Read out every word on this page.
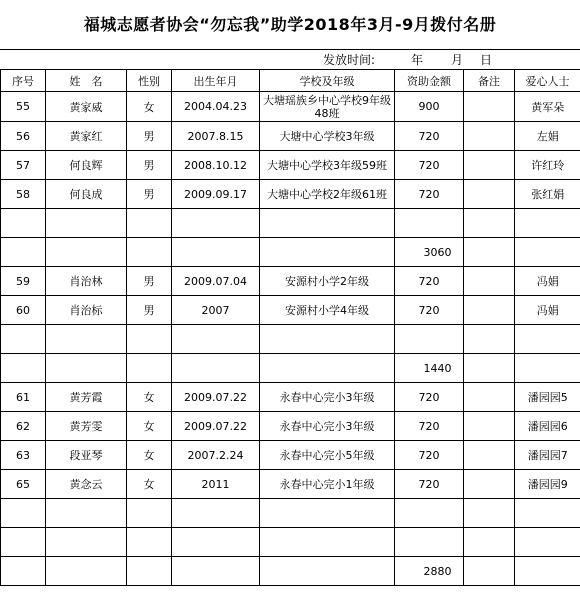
福城志愿者协会“勿忘我”助学2018年3月-9月拨付名册
发放时间:	年 月 日
序号	姓　名	性别	出生年月	学校及年级	资助金额	备注	爱心人士
55	黄家威	女	2004.04.23	大塘瑶族乡中心学校9年级48班	900		黄军朵
56	黄家红	男	2007.8.15	大塘中心学校3年级	720		左娟
57	何良辉	男	2008.10.12	大塘中心学校3年级59班	720		许红玲
58	何良成	男	2009.09.17	大塘中心学校2年级61班	720		张红娟

					3060		
59	肖治林	男	2009.07.04	安源村小学2年级	720		冯娟
60	肖治标	男	2007	安源村小学4年级	720		冯娟

					1440		
61	黄芳霞	女	2009.07.22	永春中心完小3年级	720		潘园园5
62	黄芳雯	女	2009.07.22	永春中心完小3年级	720		潘园园6
63	段亚琴	女	2007.2.24	永春中心完小5年级	720		潘园园7
65	黄念云	女	2011	永春中心完小1年级	720		潘园园9

					2880		
